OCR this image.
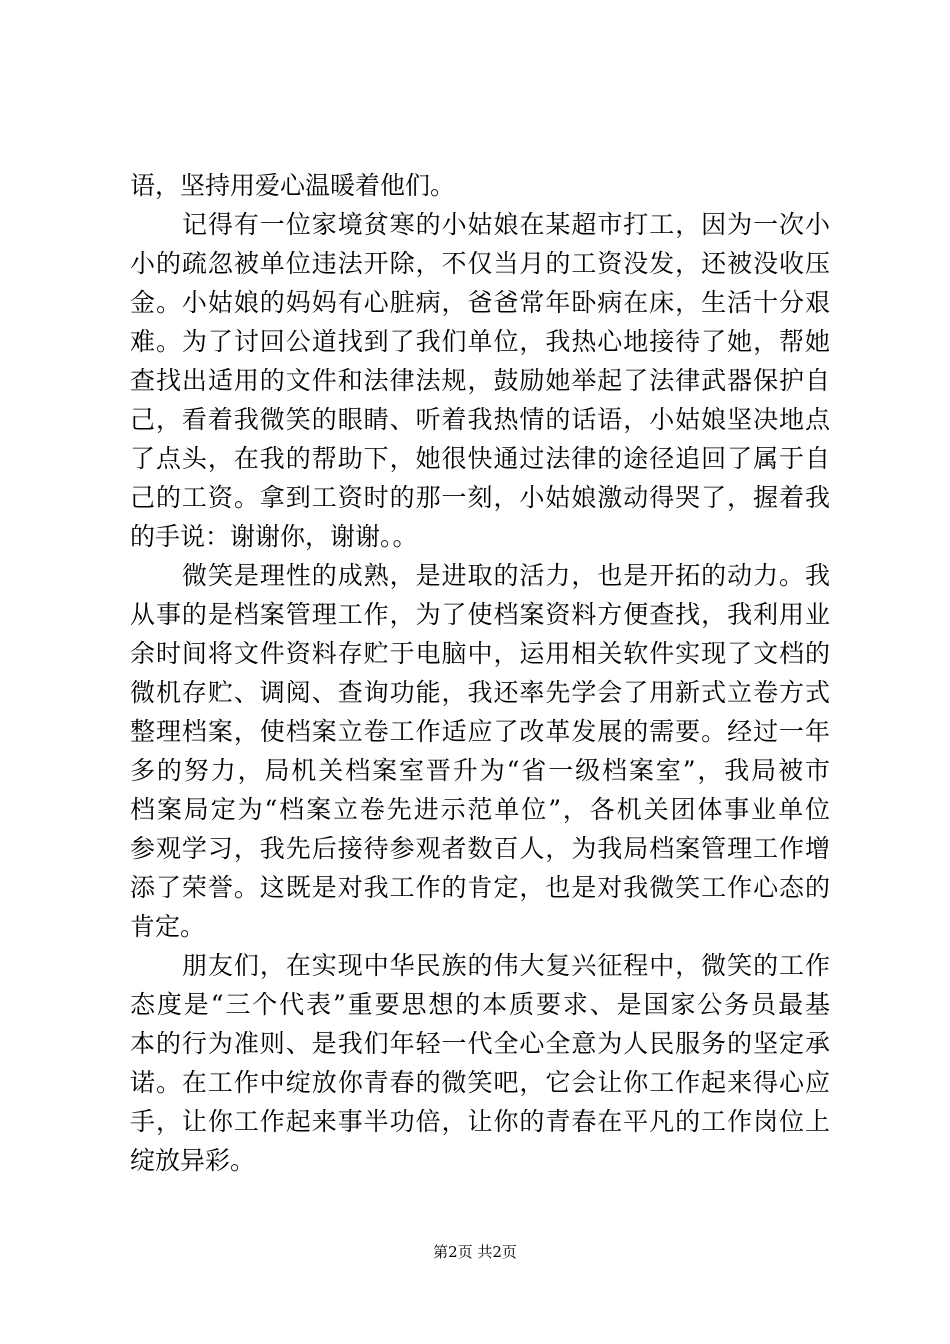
语，坚持用爱心温暖着他们。
记得有一位家境贫寒的小姑娘在某超市打工，因为一次小
小的疏忽被单位违法开除，不仅当月的工资没发，还被没收压
金。小姑娘的妈妈有心脏病，爸爸常年卧病在床，生活十分艰
难。为了讨回公道找到了我们单位，我热心地接待了她，帮她
查找出适用的文件和法律法规，鼓励她举起了法律武器保护自
己，看着我微笑的眼睛、听着我热情的话语，小姑娘坚决地点
了点头，在我的帮助下，她很快通过法律的途径追回了属于自
己的工资。拿到工资时的那一刻，小姑娘激动得哭了，握着我
的手说：谢谢你，谢谢。。
微笑是理性的成熟，是进取的活力，也是开拓的动力。我
从事的是档案管理工作，为了使档案资料方便查找，我利用业
余时间将文件资料存贮于电脑中，运用相关软件实现了文档的
微机存贮、调阅、查询功能，我还率先学会了用新式立卷方式
整理档案，使档案立卷工作适应了改革发展的需要。经过一年
多的努力，局机关档案室晋升为“省一级档案室”，我局被市
档案局定为“档案立卷先进示范单位”，各机关团体事业单位
参观学习，我先后接待参观者数百人，为我局档案管理工作增
添了荣誉。这既是对我工作的肯定，也是对我微笑工作心态的
肯定。
朋友们，在实现中华民族的伟大复兴征程中，微笑的工作
态度是“三个代表”重要思想的本质要求、是国家公务员最基
本的行为准则、是我们年轻一代全心全意为人民服务的坚定承
诺。在工作中绽放你青春的微笑吧，它会让你工作起来得心应
手，让你工作起来事半功倍，让你的青春在平凡的工作岗位上
绽放异彩。
第2页 共2页
